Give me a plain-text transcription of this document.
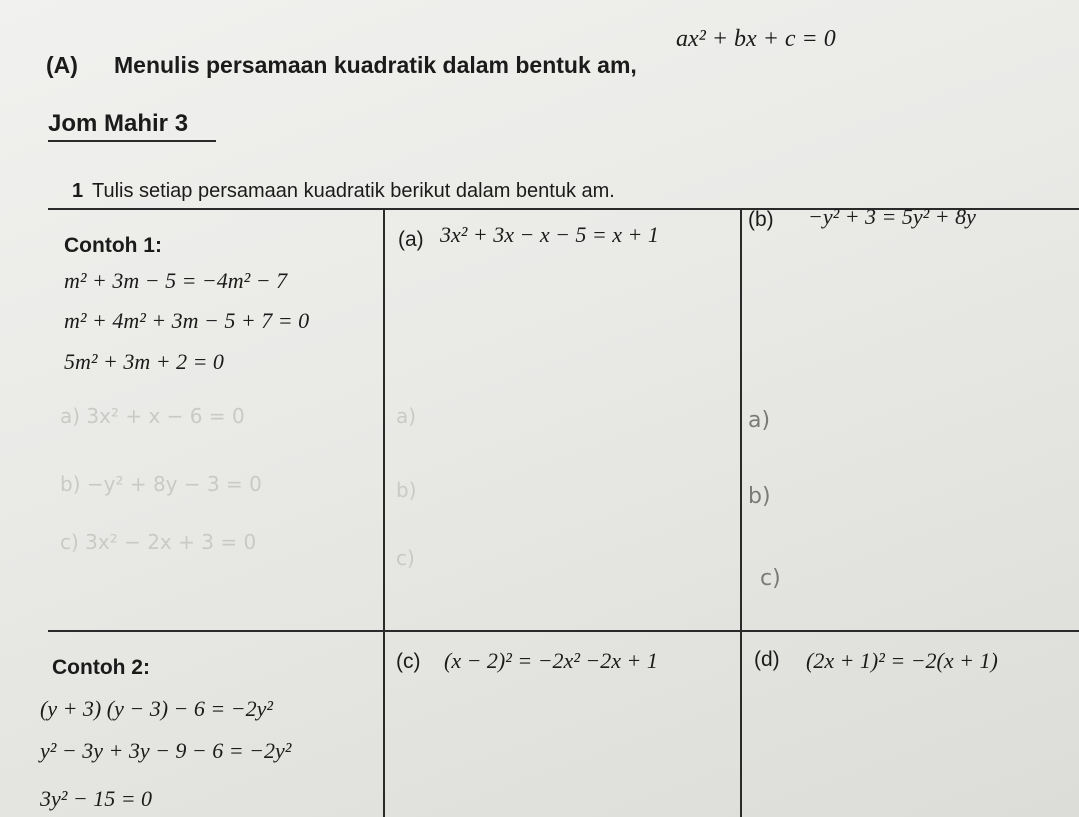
(A) Menulis persamaan kuadratik dalam bentuk am,
ax² + bx + c = 0
Jom Mahir 3
1 Tulis setiap persamaan kuadratik berikut dalam bentuk am.
Contoh 1:
m² + 3m − 5 = −4m² − 7
m² + 4m² + 3m − 5 + 7 = 0
5m² + 3m + 2 = 0
a) 3x² + x − 6 = 0
b) −y² + 8y − 3 = 0
c) 3x² − 2x + 3 = 0
a)
b)
c)
a)
b)
c)
(a) 3x² + 3x − x − 5 = x + 1
(b) −y² + 3 = 5y² + 8y
Contoh 2:
(y + 3) (y − 3) − 6 = −2y²
y² − 3y + 3y − 9 − 6 = −2y²
3y² − 15 = 0
(c) (x − 2)² = −2x² −2x + 1	(d) (2x + 1)² = −2(x + 1)
